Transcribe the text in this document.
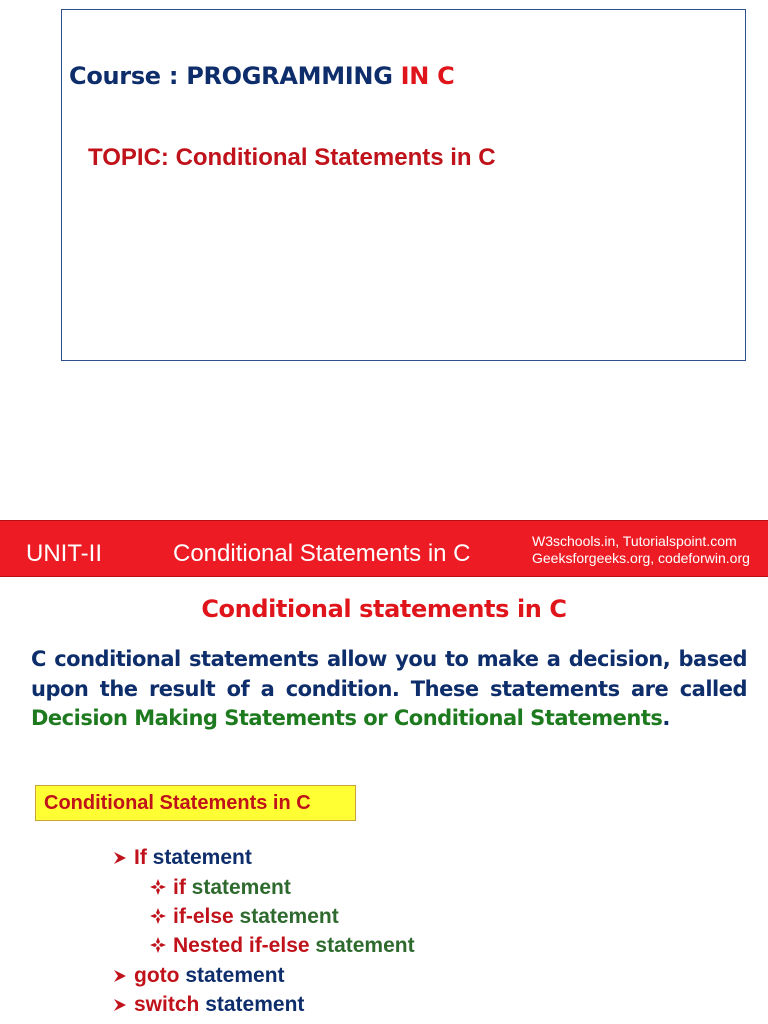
Course : PROGRAMMING IN C
TOPIC: Conditional Statements in C
UNIT-II	Conditional Statements in C	W3schools.in, Tutorialspoint.com
Geeksforgeeks.org, codeforwin.org
Conditional statements in C
C conditional statements allow you to make a decision, based upon the result of a condition. These statements are called Decision Making Statements or Conditional Statements.
Conditional Statements in C
If statement
if statement
if-else statement
Nested if-else statement
goto statement
switch statement
